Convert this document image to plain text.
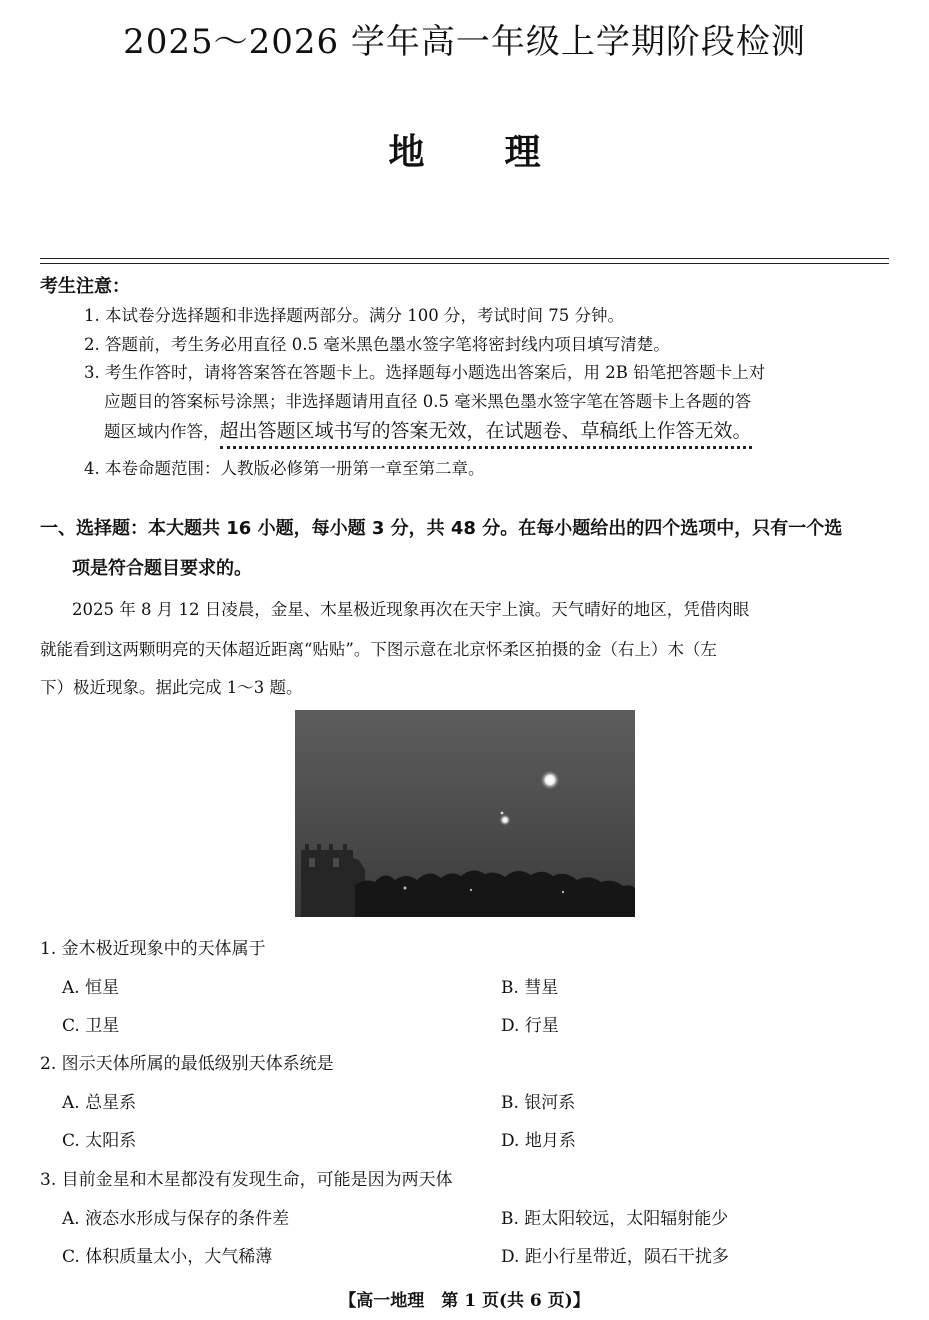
2025～2026 学年高一年级上学期阶段检测
地 理
考生注意：
1. 本试卷分选择题和非选择题两部分。满分 100 分，考试时间 75 分钟。
2. 答题前，考生务必用直径 0.5 毫米黑色墨水签字笔将密封线内项目填写清楚。
3. 考生作答时，请将答案答在答题卡上。选择题每小题选出答案后，用 2B 铅笔把答题卡上对
应题目的答案标号涂黑；非选择题请用直径 0.5 毫米黑色墨水签字笔在答题卡上各题的答
题区域内作答，超出答题区域书写的答案无效，在试题卷、草稿纸上作答无效。
4. 本卷命题范围：人教版必修第一册第一章至第二章。
一、选择题：本大题共 16 小题，每小题 3 分，共 48 分。在每小题给出的四个选项中，只有一个选
项是符合题目要求的。
2025 年 8 月 12 日凌晨，金星、木星极近现象再次在天宇上演。天气晴好的地区，凭借肉眼
就能看到这两颗明亮的天体超近距离“贴贴”。下图示意在北京怀柔区拍摄的金（右上）木（左
下）极近现象。据此完成 1～3 题。
1. 金木极近现象中的天体属于
A. 恒星	B. 彗星
C. 卫星	D. 行星
2. 图示天体所属的最低级别天体系统是
A. 总星系	B. 银河系
C. 太阳系	D. 地月系
3. 目前金星和木星都没有发现生命，可能是因为两天体
A. 液态水形成与保存的条件差	B. 距太阳较远，太阳辐射能少
C. 体积质量太小，大气稀薄	D. 距小行星带近，陨石干扰多
【高一地理　第 1 页(共 6 页)】
